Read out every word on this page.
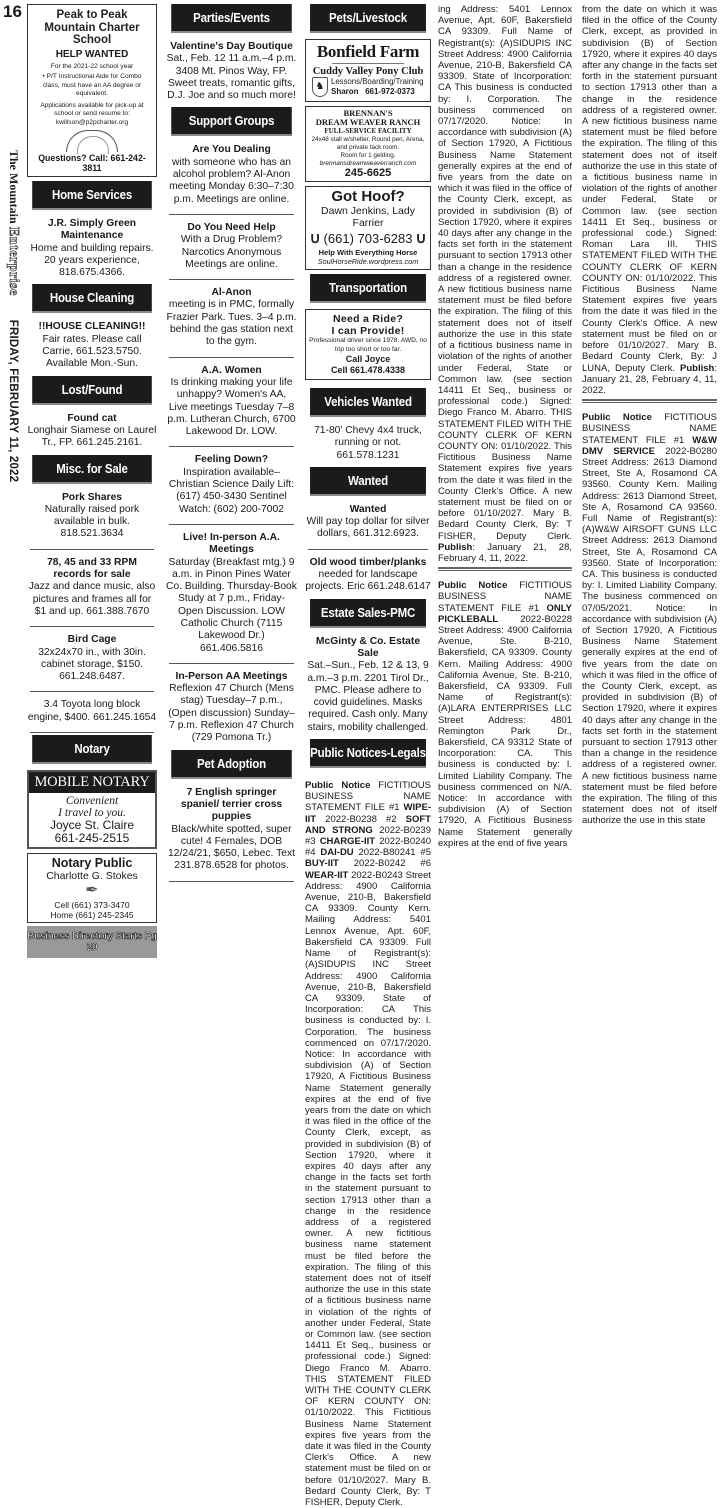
16
The Mountain Enterprise
FRIDAY, FEBRUARY 11, 2022
Peak to Peak Mountain Charter School
HELP WANTED
For the 2021-22 school year
• P/T Instructional Aide for Combo class, must have an AA degree or equivalent.
Applications available for pick-up at school or send resume to: kwillson@p2pcharter.org
Questions? Call: 661-242-3811
Home Services
J.R. Simply Green Maintenance
Home and building repairs. 20 years experience, 818.675.4366.
House Cleaning
!!HOUSE CLEANING!!
Fair rates. Please call Carrie, 661.523.5750. Available Mon.-Sun.
Lost/Found
Found cat
Longhair Siamese on Laurel Tr., FP. 661.245.2161.
Misc. for Sale
Pork Shares
Naturally raised pork available in bulk. 818.521.3634
78, 45 and 33 RPM records for sale
Jazz and dance music, also pictures and frames all for $1 and up. 661.388.7670
Bird Cage
32x24x70 in., with 30in. cabinet storage, $150. 661.248.6487.
3.4 Toyota long block engine, $400. 661.245.1654
Notary
MOBILE NOTARY
Convenient
I travel to you.
Joyce St. Claire
661-245-2515
Notary Public
Charlotte G. Stokes
✒
Cell (661) 373-3470
Home (661) 245-2345
Business Directory Starts Pg 20
Parties/Events
Valentine's Day Boutique
Sat., Feb. 12 11 a.m.–4 p.m. 3408 Mt. Pinos Way, FP. Sweet treats, romantic gifts, D.J. Joe and so much more!
Support Groups
Are You Dealing
with someone who has an alcohol problem? Al-Anon meeting Monday 6:30–7:30 p.m. Meetings are online.
Do You Need Help
With a Drug Problem? Narcotics Anonymous Meetings are online.
Al-Anon
meeting is in PMC, formally Frazier Park. Tues. 3–4 p.m. behind the gas station next to the gym.
A.A. Women
Is drinking making your life unhappy? Women's AA, Live meetings Tuesday 7–8 p.m. Lutheran Church, 6700 Lakewood Dr. LOW.
Feeling Down?
Inspiration available– Christian Science Daily Lift: (617) 450-3430 Sentinel Watch: (602) 200-7002
Live! In-person A.A. Meetings
Saturday (Breakfast mtg.) 9 a.m. in Pinon Pines Water Co. Building. Thursday-Book Study at 7 p.m., Friday-Open Discussion. LOW Catholic Church (7115 Lakewood Dr.) 661.406.5816
In-Person AA Meetings
Reflexion 47 Church (Mens stag) Tuesday–7 p.m., (Open discussion) Sunday–7 p.m. Reflexion 47 Church (729 Pomona Tr.)
Pet Adoption
7 English springer spaniel/ terrier cross puppies
Black/white spotted, super cute! 4 Females, DOB 12/24/21, $650, Lebec. Text 231.878.6528 for photos.
Pets/Livestock
Bonfield Farm
Cuddy Valley Pony Club
♞ Lessons/Boarding/Training
Sharon 661-972-0373
BRENNAN'S
DREAM WEAVER RANCH
FULL-SERVICE FACILITY
24x48 stall w/shelter. Round pen, Arena, and private tack room.
Room for 1 gelding.
brennansdreamweaverranch.com
245-6625
Got Hoof?
Dawn Jenkins, Lady Farrier
∪ (661) 703-6283 ∪
Help With Everything Horse
SoulHorseRide.wordpress.com
Transportation
Need a Ride?
I can Provide!
Professional driver since 1978. AWD, no trip too short or too far.
Call Joyce
Cell 661.478.4338
Vehicles Wanted
71-80' Chevy 4x4 truck, running or not. 661.578.1231
Wanted
Wanted
Will pay top dollar for silver dollars, 661.312.6923.
Old wood timber/planks
needed for landscape projects. Eric 661.248.6147
Estate Sales-PMC
McGinty & Co. Estate Sale
Sat.–Sun., Feb. 12 & 13, 9 a.m.–3 p.m. 2201 Tirol Dr., PMC. Please adhere to covid guidelines. Masks required. Cash only. Many stairs, mobility challenged.
Public Notices-Legals
Public Notice FICTITIOUS BUSINESS NAME STATEMENT FILE #1 WIPE-IIT 2022-B0238 #2 SOFT AND STRONG 2022-B0239 #3 CHARGE-IIT 2022-B0240 #4 DAI-DU 2022-B80241 #5 BUY-IIT 2022-B0242 #6 WEAR-IIT 2022-B0243 Street Address: 4900 California Avenue, 210-B, Bakersfield CA 93309. County Kern. Mailing Address: 5401 Lennox Avenue, Apt. 60F, Bakersfield CA 93309. Full Name of Registrant(s): (A)SIDUPIS INC Street Address: 4900 California Avenue, 210-B, Bakersfield CA 93309. State of Incorporation: CA This business is conducted by: I. Corporation. The business commenced on 07/17/2020. Notice: In accordance with subdivision (A) of Section 17920, A Fictitious Business Name Statement generally expires at the end of five years from the date on which it was filed in the office of the County Clerk, except, as provided in subdivision (B) of Section 17920, where it expires 40 days after any change in the facts set forth in the statement pursuant to section 17913 other than a change in the residence address of a registered owner. A new fictitious business name statement must be filed before the expiration. The filing of this statement does not of itself authorize the use in this state of a fictitious business name in violation of the rights of another under Federal, State or Common law. (see section 14411 Et Seq., business or professional code.) Signed: Diego Franco M. Abarro. THIS STATEMENT FILED WITH THE COUNTY CLERK OF KERN COUNTY ON: 01/10/2022. This Fictitious Business Name Statement expires five years from the date it was filed in the County Clerk's Office. A new statement must be filed on or before 01/10/2027. Mary B. Bedard County Clerk, By: T FISHER, Deputy Clerk.
ing Address: 5401 Lennox Avenue, Apt. 60F, Bakersfield CA 93309. Full Name of Registrant(s): (A)SIDUPIS INC Street Address: 4900 California Avenue, 210-B, Bakersfield CA 93309. State of Incorporation: CA This business is conducted by: I. Corporation. The business commenced on 07/17/2020. Notice: In accordance with subdivision (A) of Section 17920, A Fictitious Business Name Statement generally expires at the end of five years from the date on which it was filed in the office of the County Clerk, except, as provided in subdivision (B) of Section 17920, where it expires 40 days after any change in the facts set forth in the statement pursuant to section 17913 other than a change in the residence address of a registered owner. A new fictitious business name statement must be filed before the expiration. The filing of this statement does not of itself authorize the use in this state of a fictitious business name in violation of the rights of another under Federal, State or Common law. (see section 14411 Et Seq., business or professional code.) Signed: Diego Franco M. Abarro. THIS STATEMENT FILED WITH THE COUNTY CLERK OF KERN COUNTY ON: 01/10/2022. This Fictitious Business Name Statement expires five years from the date it was filed in the County Clerk's Office. A new statement must be filed on or before 01/10/2027. Mary B. Bedard County Clerk, By: T FISHER, Deputy Clerk. Publish: January 21, 28, February 4, 11, 2022.
Public Notice FICTITIOUS BUSINESS NAME STATEMENT FILE #1 ONLY PICKLEBALL 2022-B0228 Street Address: 4900 California Avenue, Ste. B-210, Bakersfield, CA 93309. County Kern. Mailing Address: 4900 California Avenue, Ste. B-210, Bakersfield, CA 93309. Full Name of Registrant(s): (A)LARA ENTERPRISES LLC Street Address: 4801 Remington Park Dr., Bakersfield, CA 93312 State of Incorporation: CA. This business is conducted by: I. Limited Liability Company. The business commenced on N/A. Notice: In accordance with subdivision (A) of Section 17920, A Fictitious Business Name Statement generally expires at the end of five years
from the date on which it was filed in the office of the County Clerk, except, as provided in subdivision (B) of Section 17920, where it expires 40 days after any change in the facts set forth in the statement pursuant to section 17913 other than a change in the residence address of a registered owner. A new fictitious business name statement must be filed before the expiration. The filing of this statement does not of itself authorize the use in this state of a fictitious business name in violation of the rights of another under Federal, State or Common law. (see section 14411 Et Seq., business or professional code.) Signed: Roman Lara III. THIS STATEMENT FILED WITH THE COUNTY CLERK OF KERN COUNTY ON: 01/10/2022. This Fictitious Business Name Statement expires five years from the date it was filed in the County Clerk's Office. A new statement must be filed on or before 01/10/2027. Mary B. Bedard County Clerk, By: J LUNA, Deputy Clerk. Publish: January 21, 28, February 4, 11, 2022.
Public Notice FICTITIOUS BUSINESS NAME STATEMENT FILE #1 W&W DMV SERVICE 2022-B0280 Street Address: 2613 Diamond Street, Ste A, Rosamond CA 93560. County Kern. Mailing Address: 2613 Diamond Street, Ste A, Rosamond CA 93560. Full Name of Registrant(s): (A)W&W AIRSOFT GUNS LLC Street Address: 2613 Diamond Street, Ste A, Rosamond CA 93560. State of Incorporation: CA. This business is conducted by: I. Limited Liability Company. The business commenced on 07/05/2021. Notice: In accordance with subdivision (A) of Section 17920, A Fictitious Business Name Statement generally expires at the end of five years from the date on which it was filed in the office of the County Clerk, except, as provided in subdivision (B) of Section 17920, where it expires 40 days after any change in the facts set forth in the statement pursuant to section 17913 other than a change in the residence address of a registered owner. A new fictitious business name statement must be filed before the expiration. The filing of this statement does not of itself authorize the use in this state
